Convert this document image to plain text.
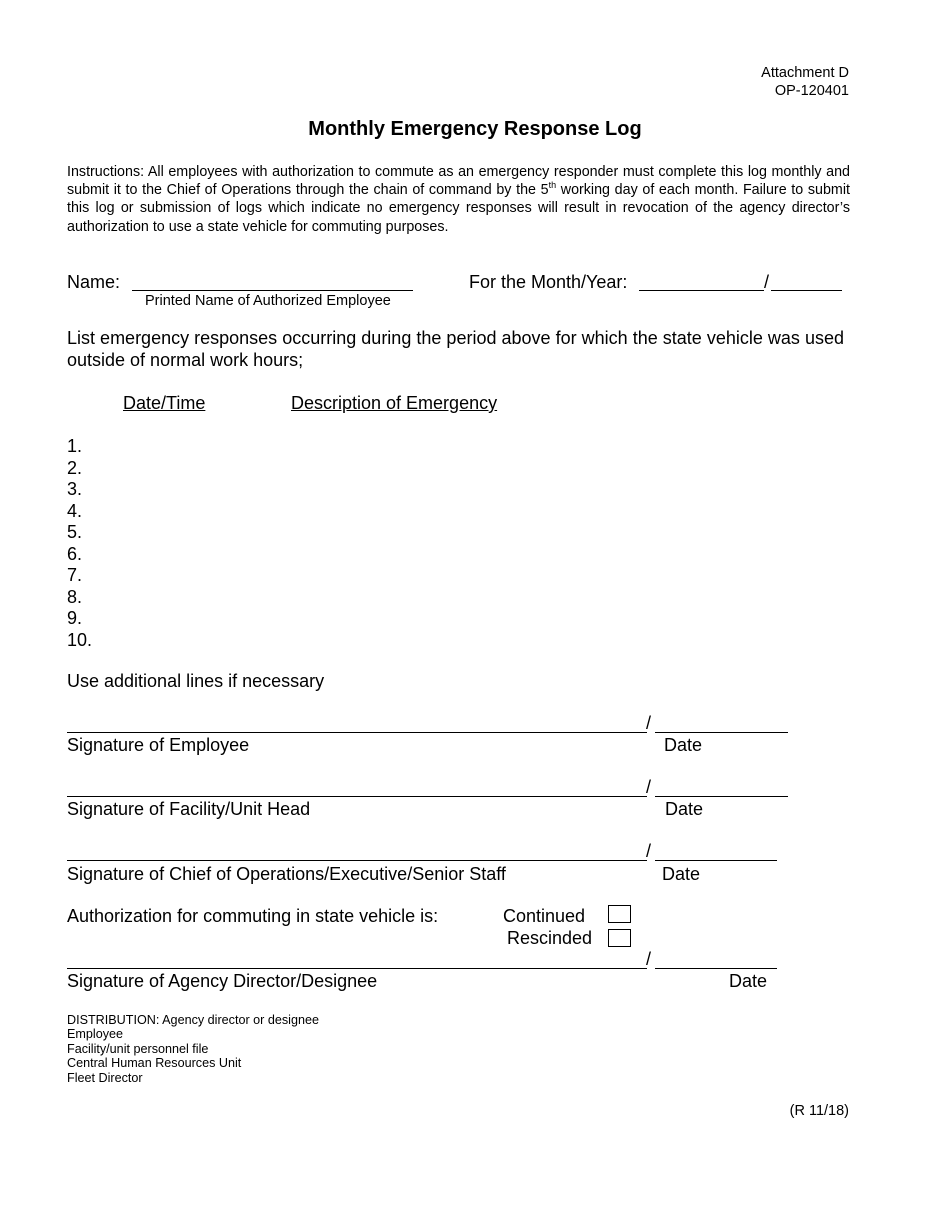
Attachment D
OP-120401
Monthly Emergency Response Log
Instructions: All employees with authorization to commute as an emergency responder must complete this log monthly and submit it to the Chief of Operations through the chain of command by the 5th working day of each month. Failure to submit this log or submission of logs which indicate no emergency responses will result in revocation of the agency director’s authorization to use a state vehicle for commuting purposes.
Name:
Printed Name of Authorized Employee
For the Month/Year:	/
List emergency responses occurring during the period above for which the state vehicle was used outside of normal work hours;
Date/Time	Description of Emergency
1.
2.
3.
4.
5.
6.
7.
8.
9.
10.
Use additional lines if necessary
/
Signature of Employee	Date
/
Signature of Facility/Unit Head	Date
/
Signature of Chief of Operations/Executive/Senior Staff	Date
Authorization for commuting in state vehicle is:	Continued
Rescinded
/
Signature of Agency Director/Designee	Date
DISTRIBUTION: Agency director or designee
Employee
Facility/unit personnel file
Central Human Resources Unit
Fleet Director
(R 11/18)
